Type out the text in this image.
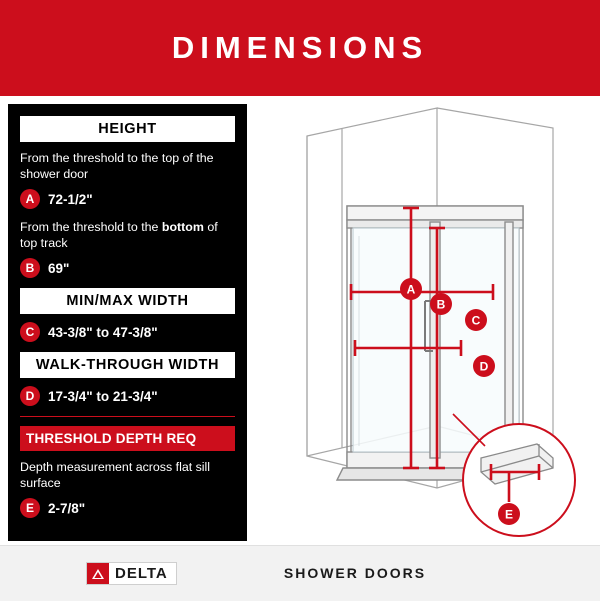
DIMENSIONS
HEIGHT

From the threshold to the top of the shower door

A	72-1/2"

From the threshold to the bottom of top track

B	69"
MIN/MAX WIDTH
C	43-3/8" to 47-3/8"
WALK-THROUGH WIDTH
D	17-3/4" to 21-3/4"
THRESHOLD DEPTH REQ

Depth measurement across flat sill surface

E	2-7/8"
A
B
C
D
E
DELTA	SHOWER DOORS
